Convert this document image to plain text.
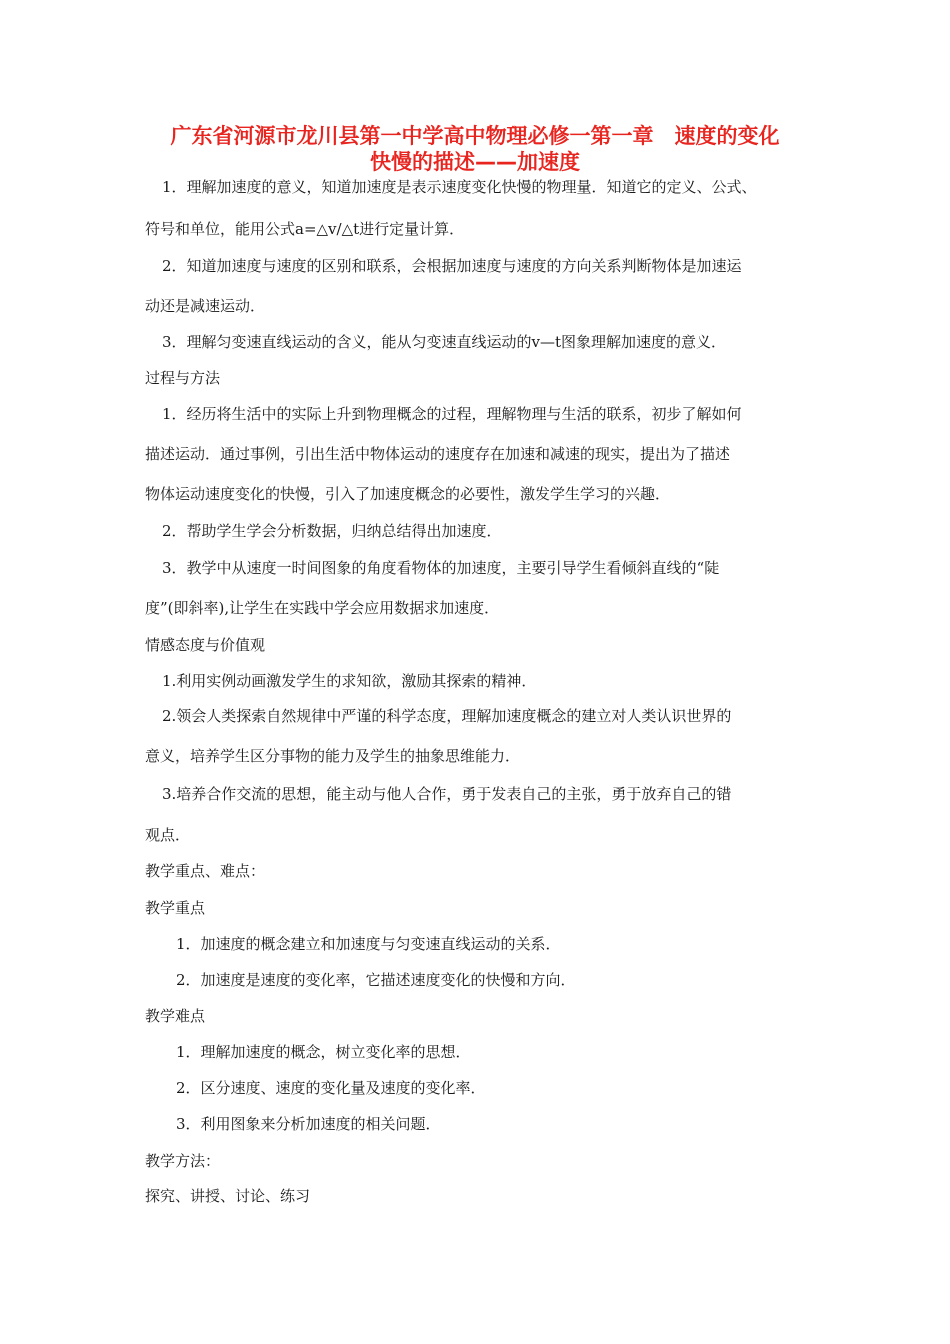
广东省河源市龙川县第一中学高中物理必修一第一章　速度的变化

快慢的描述——加速度

1．理解加速度的意义，知道加速度是表示速度变化快慢的物理量．知道它的定义、公式、

符号和单位，能用公式a=△v/△t进行定量计算．

2．知道加速度与速度的区别和联系，会根据加速度与速度的方向关系判断物体是加速运

动还是减速运动．

3．理解匀变速直线运动的含义，能从匀变速直线运动的v—t图象理解加速度的意义．

过程与方法

1．经历将生活中的实际上升到物理概念的过程，理解物理与生活的联系，初步了解如何

描述运动．通过事例，引出生活中物体运动的速度存在加速和减速的现实，提出为了描述

物体运动速度变化的快慢，引入了加速度概念的必要性，激发学生学习的兴趣．

2．帮助学生学会分析数据，归纳总结得出加速度．

3．教学中从速度一时间图象的角度看物体的加速度，主要引导学生看倾斜直线的“陡

度”(即斜率),让学生在实践中学会应用数据求加速度．

情感态度与价值观

1.利用实例动画激发学生的求知欲，激励其探索的精神．

2.领会人类探索自然规律中严谨的科学态度，理解加速度概念的建立对人类认识世界的

意义，培养学生区分事物的能力及学生的抽象思维能力．

3.培养合作交流的思想，能主动与他人合作，勇于发表自己的主张，勇于放弃自己的错

观点．

教学重点、难点：

教学重点

1．加速度的概念建立和加速度与匀变速直线运动的关系．

2．加速度是速度的变化率，它描述速度变化的快慢和方向．

教学难点

1．理解加速度的概念，树立变化率的思想．

2．区分速度、速度的变化量及速度的变化率．

3．利用图象来分析加速度的相关问题．

教学方法：

探究、讲授、讨论、练习
